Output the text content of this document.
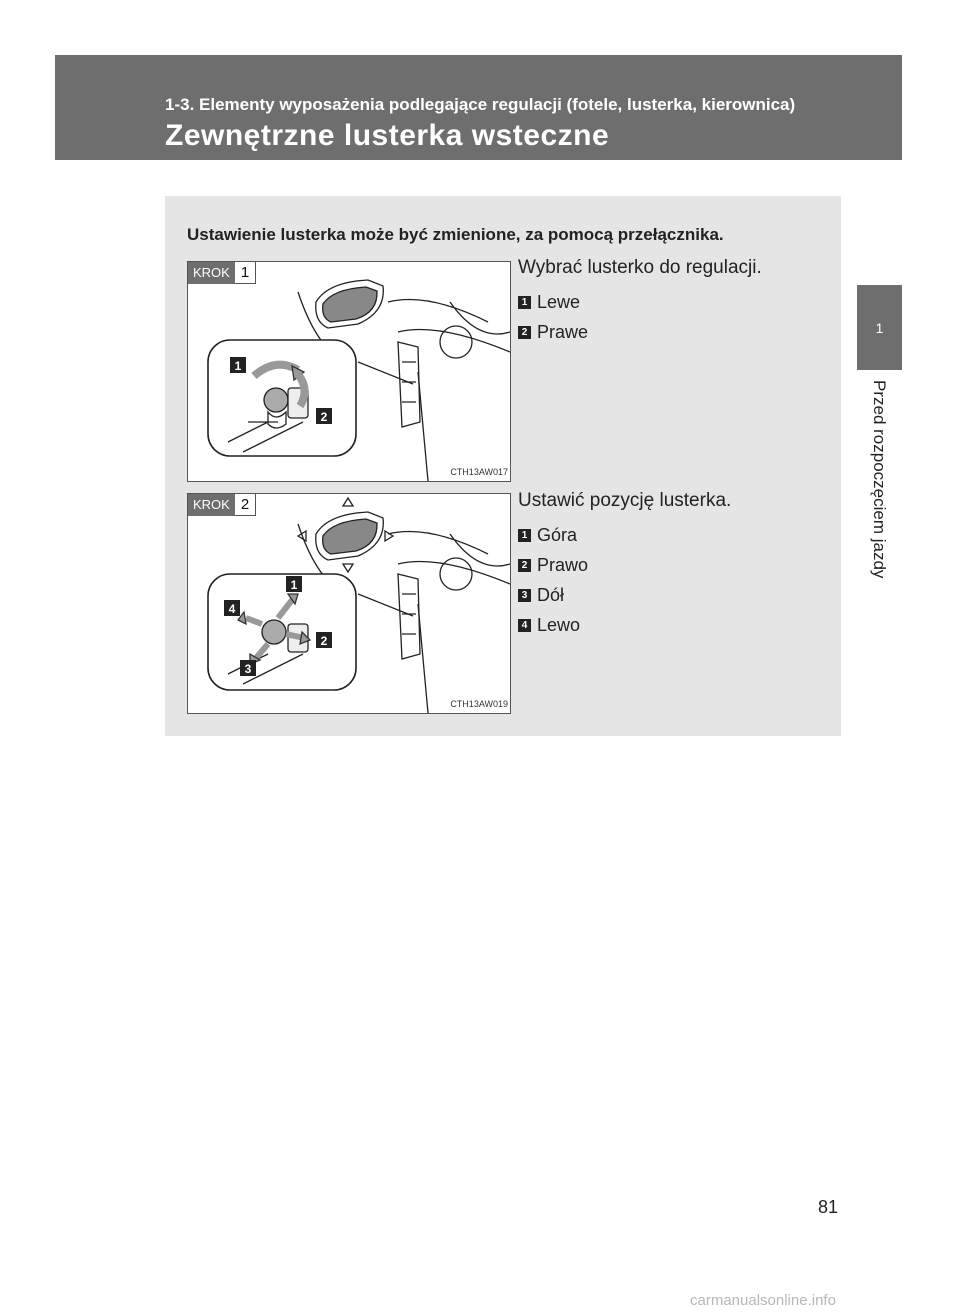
1-3. Elementy wyposażenia podlegające regulacji (fotele, lusterka, kierownica)
Zewnętrzne lusterka wsteczne
1
Przed rozpoczęciem jazdy
Ustawienie lusterka może być zmienione, za pomocą przełącznika.
KROK 1
1
2
CTH13AW017
Wybrać lusterko do regulacji.
1 Lewe
2 Prawe
KROK 2
1
2
3
4
CTH13AW019
Ustawić pozycję lusterka.
1 Góra
2 Prawo
3 Dół
4 Lewo
81
carmanualsonline.info
